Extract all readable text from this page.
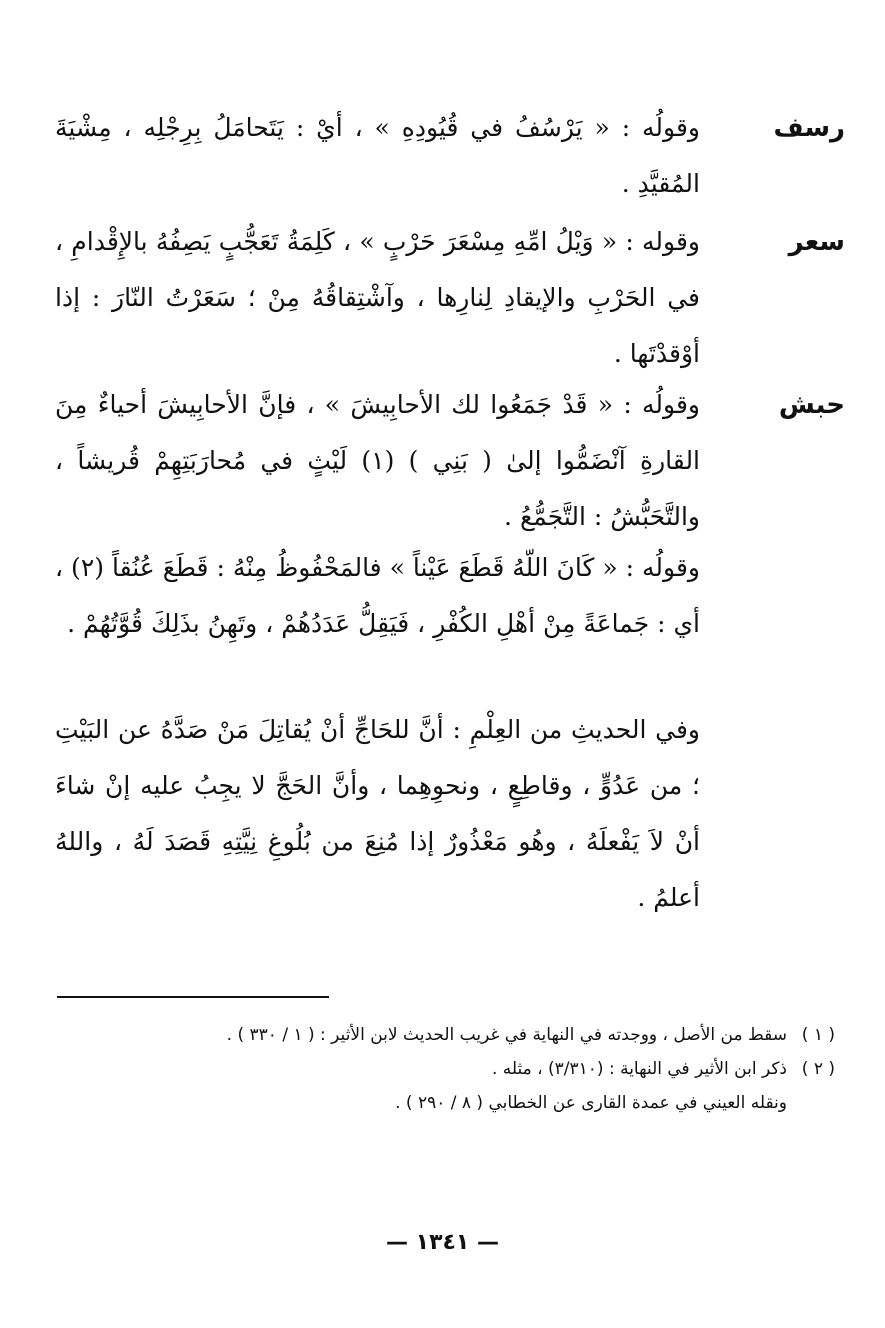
رسف
وقولُه : « يَرْسُفُ في قُيُودِهِ » ، أيْ : يَتَحامَلُ بِرِجْلِه ، مِشْيَةَ المُقيَّدِ .
سعر
وقوله : « وَيْلُ امِّهِ مِسْعَرَ حَرْبٍ » ، كَلِمَةُ تَعَجُّبٍ يَصِفُهُ بالإِقْدامِ ، في الحَرْبِ والإيقادِ لِنارِها ، وآشْتِقاقُهُ مِنْ ؛ سَعَرْتُ النّارَ : إذا أوْقدْتَها .
حبش
وقولُه : « قَدْ جَمَعُوا لك الأحابِيشَ » ، فإنَّ الأحابِيشَ أحياءٌ مِنَ القارةِ آنْضَمُّوا إلىٰ ( بَنِي ) (١) لَيْثٍ في مُحارَبَتِهِمْ قُريشاً ، والتَّحَبُّشُ : التَّجَمُّعُ .
وقولُه : « كَانَ اللّهُ قَطَعَ عَيْناً » فالمَحْفُوظُ مِنْهُ : قَطَعَ عُنُقاً (٢) ، أي : جَماعَةً مِنْ أهْلِ الكُفْرِ ، فَيَقِلُّ عَدَدُهُمْ ، وتَهِنُ بذَلِكَ قُوَّتُهُمْ .
وفي الحديثِ من العِلْمِ : أنَّ للحَاجِّ أنْ يُقاتِلَ مَنْ صَدَّهُ عن البَيْتِ ؛ من عَدُوٍّ ، وقاطِعٍ ، ونحوِهِما ، وأنَّ الحَجَّ لا يجِبُ عليه إنْ شاءَ أنْ لاَ يَفْعلَهُ ، وهُو مَعْذُورٌ إذا مُنِعَ من بُلُوغِ نِيَّتِهِ قَصَدَ لَهُ ، واللهُ أعلمُ .
( ١ )
سقط من الأصل ، ووجدته في النهاية في غريب الحديث لابن الأثير : ( ١ / ٣٣٠ ) .
( ٢ )
ذكر ابن الأثير في النهاية : (٣/٣١٠) ، مثله .
ونقله العيني في عمدة القارى عن الخطابي ( ٨ / ٢٩٠ ) .
— ١٣٤١ —
